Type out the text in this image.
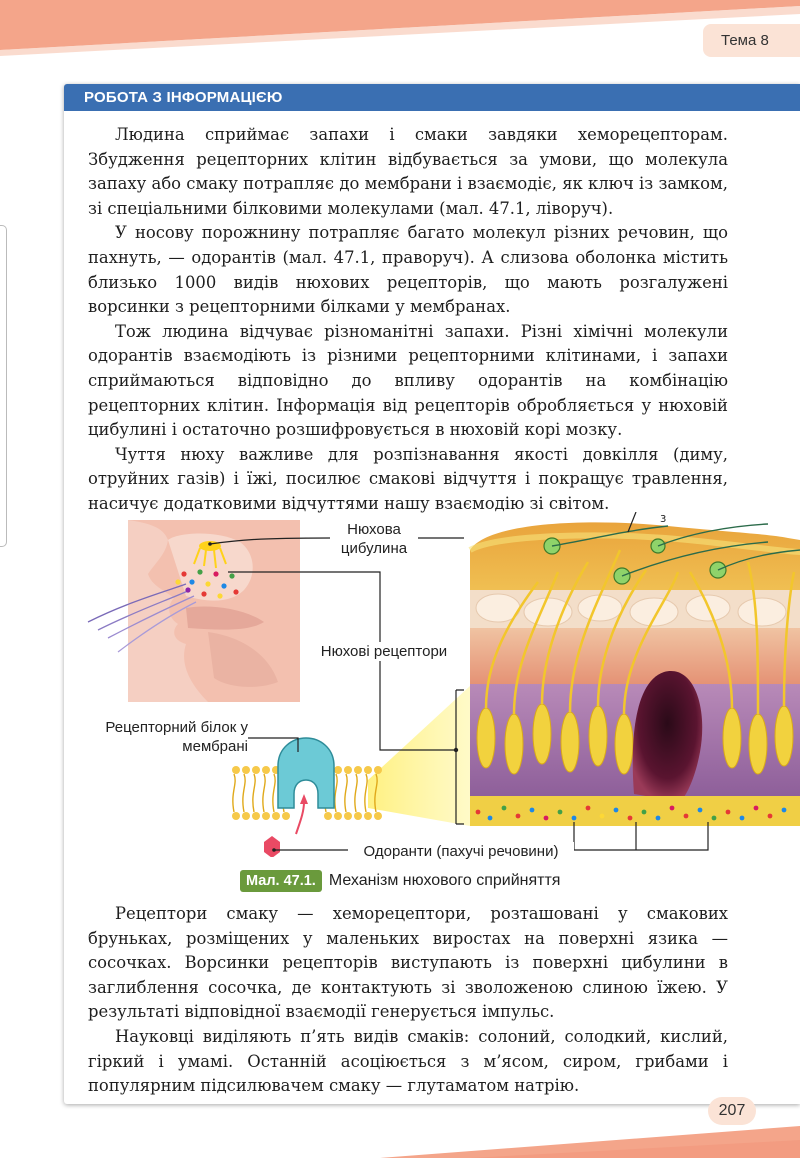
Тема 8
РОБОТА З ІНФОРМАЦІЄЮ

Людина сприймає запахи і смаки завдяки хеморецепторам. Збудження рецепторних клітин відбувається за умови, що молекула запаху або смаку потрапляє до мембрани і взаємодіє, як ключ із замком, зі спеціальними білковими молекулами (мал. 47.1, ліворуч).

У носову порожнину потрапляє багато молекул різних речовин, що пахнуть, — одорантів (мал. 47.1, праворуч). А слизова оболонка містить близько 1000 видів нюхових рецепторів, що мають розгалужені ворсинки з рецепторними білками у мембранах.

Тож людина відчуває різноманітні запахи. Різні хімічні молекули одорантів взаємодіють із різними рецепторними клітинами, і запахи сприймаються відповідно до впливу одорантів на комбінацію рецепторних клітин. Інформація від рецепторів обробляється у нюховій цибулині і остаточно розшифровується в нюховій корі мозку.

Чуття нюху важливе для розпізнавання якості довкілля (диму, отруйних газів) і їжі, посилює смакові відчуття і покращує травлення, насичує додатковими відчуттями нашу взаємодію зі світом.

3
Нюхова цибулина
Нюхові рецептори
Рецепторний білок у мембрані
Одоранти (пахучі речовини)
Мал. 47.1. Механізм нюхового сприйняття

Рецептори смаку — хеморецептори, розташовані у смакових бруньках, розміщених у маленьких виростах на поверхні язика — сосочках. Ворсинки рецепторів виступають із поверхні цибулини в заглиблення сосочка, де контактують зі зволоженою слиною їжею. У результаті відповідної взаємодії генерується імпульс.

Науковці виділяють п’ять видів смаків: солоний, солодкий, кислий, гіркий і умамі. Останній асоціюється з м’ясом, сиром, грибами і популярним підсилювачем смаку — глутаматом натрію.

207
